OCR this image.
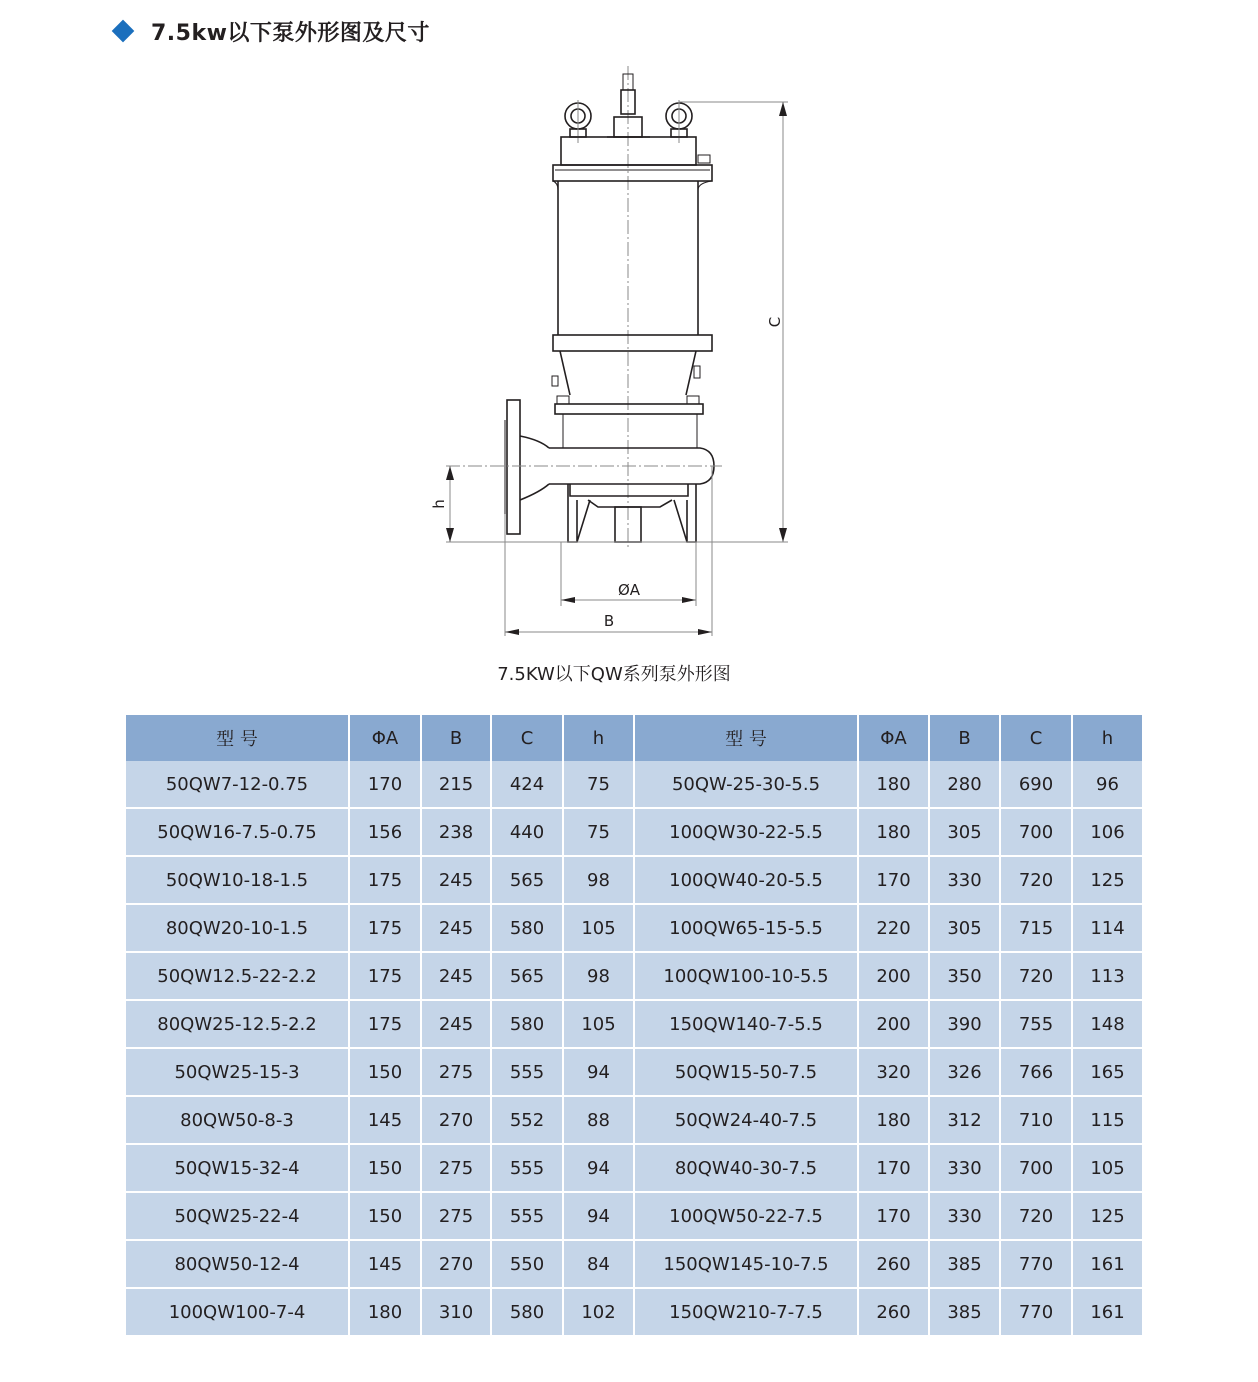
7.5kw以下泵外形图及尺寸
C
h
ØA
B
7.5KW以下QW系列泵外形图
型 号	ΦA	B	C	h	型 号	ΦA	B	C	h
50QW7-12-0.75	170	215	424	75	50QW-25-30-5.5	180	280	690	96
50QW16-7.5-0.75	156	238	440	75	100QW30-22-5.5	180	305	700	106
50QW10-18-1.5	175	245	565	98	100QW40-20-5.5	170	330	720	125
80QW20-10-1.5	175	245	580	105	100QW65-15-5.5	220	305	715	114
50QW12.5-22-2.2	175	245	565	98	100QW100-10-5.5	200	350	720	113
80QW25-12.5-2.2	175	245	580	105	150QW140-7-5.5	200	390	755	148
50QW25-15-3	150	275	555	94	50QW15-50-7.5	320	326	766	165
80QW50-8-3	145	270	552	88	50QW24-40-7.5	180	312	710	115
50QW15-32-4	150	275	555	94	80QW40-30-7.5	170	330	700	105
50QW25-22-4	150	275	555	94	100QW50-22-7.5	170	330	720	125
80QW50-12-4	145	270	550	84	150QW145-10-7.5	260	385	770	161
100QW100-7-4	180	310	580	102	150QW210-7-7.5	260	385	770	161
